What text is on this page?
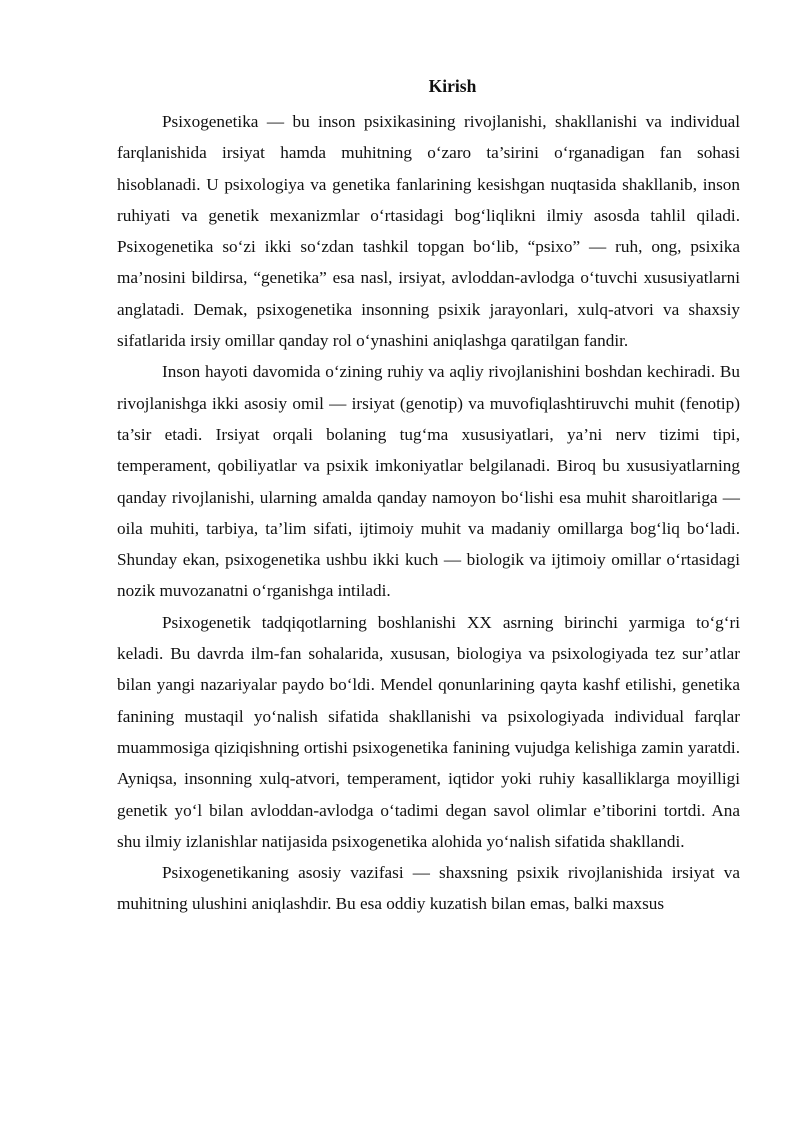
Kirish

Psixogenetika — bu inson psixikasining rivojlanishi, shakllanishi va individual farqlanishida irsiyat hamda muhitning o‘zaro ta’sirini o‘rganadigan fan sohasi hisoblanadi. U psixologiya va genetika fanlarining kesishgan nuqtasida shakllanib, inson ruhiyati va genetik mexanizmlar o‘rtasidagi bog‘liqlikni ilmiy asosda tahlil qiladi. Psixogenetika so‘zi ikki so‘zdan tashkil topgan bo‘lib, “psixo” — ruh, ong, psixika ma’nosini bildirsa, “genetika” esa nasl, irsiyat, avloddan-avlodga o‘tuvchi xususiyatlarni anglatadi. Demak, psixogenetika insonning psixik jarayonlari, xulq-atvori va shaxsiy sifatlarida irsiy omillar qanday rol o‘ynashini aniqlashga qaratilgan fandir.

Inson hayoti davomida o‘zining ruhiy va aqliy rivojlanishini boshdan kechiradi. Bu rivojlanishga ikki asosiy omil — irsiyat (genotip) va muvofiqlashtiruvchi muhit (fenotip) ta’sir etadi. Irsiyat orqali bolaning tug‘ma xususiyatlari, ya’ni nerv tizimi tipi, temperament, qobiliyatlar va psixik imkoniyatlar belgilanadi. Biroq bu xususiyatlarning qanday rivojlanishi, ularning amalda qanday namoyon bo‘lishi esa muhit sharoitlariga — oila muhiti, tarbiya, ta’lim sifati, ijtimoiy muhit va madaniy omillarga bog‘liq bo‘ladi. Shunday ekan, psixogenetika ushbu ikki kuch — biologik va ijtimoiy omillar o‘rtasidagi nozik muvozanatni o‘rganishga intiladi.

Psixogenetik tadqiqotlarning boshlanishi XX asrning birinchi yarmiga to‘g‘ri keladi. Bu davrda ilm-fan sohalarida, xususan, biologiya va psixologiyada tez sur’atlar bilan yangi nazariyalar paydo bo‘ldi. Mendel qonunlarining qayta kashf etilishi, genetika fanining mustaqil yo‘nalish sifatida shakllanishi va psixologiyada individual farqlar muammosiga qiziqishning ortishi psixogenetika fanining vujudga kelishiga zamin yaratdi. Ayniqsa, insonning xulq-atvori, temperament, iqtidor yoki ruhiy kasalliklarga moyilligi genetik yo‘l bilan avloddan-avlodga o‘tadimi degan savol olimlar e’tiborini tortdi. Ana shu ilmiy izlanishlar natijasida psixogenetika alohida yo‘nalish sifatida shakllandi.

Psixogenetikaning asosiy vazifasi — shaxsning psixik rivojlanishida irsiyat va muhitning ulushini aniqlashdir. Bu esa oddiy kuzatish bilan emas, balki maxsus
